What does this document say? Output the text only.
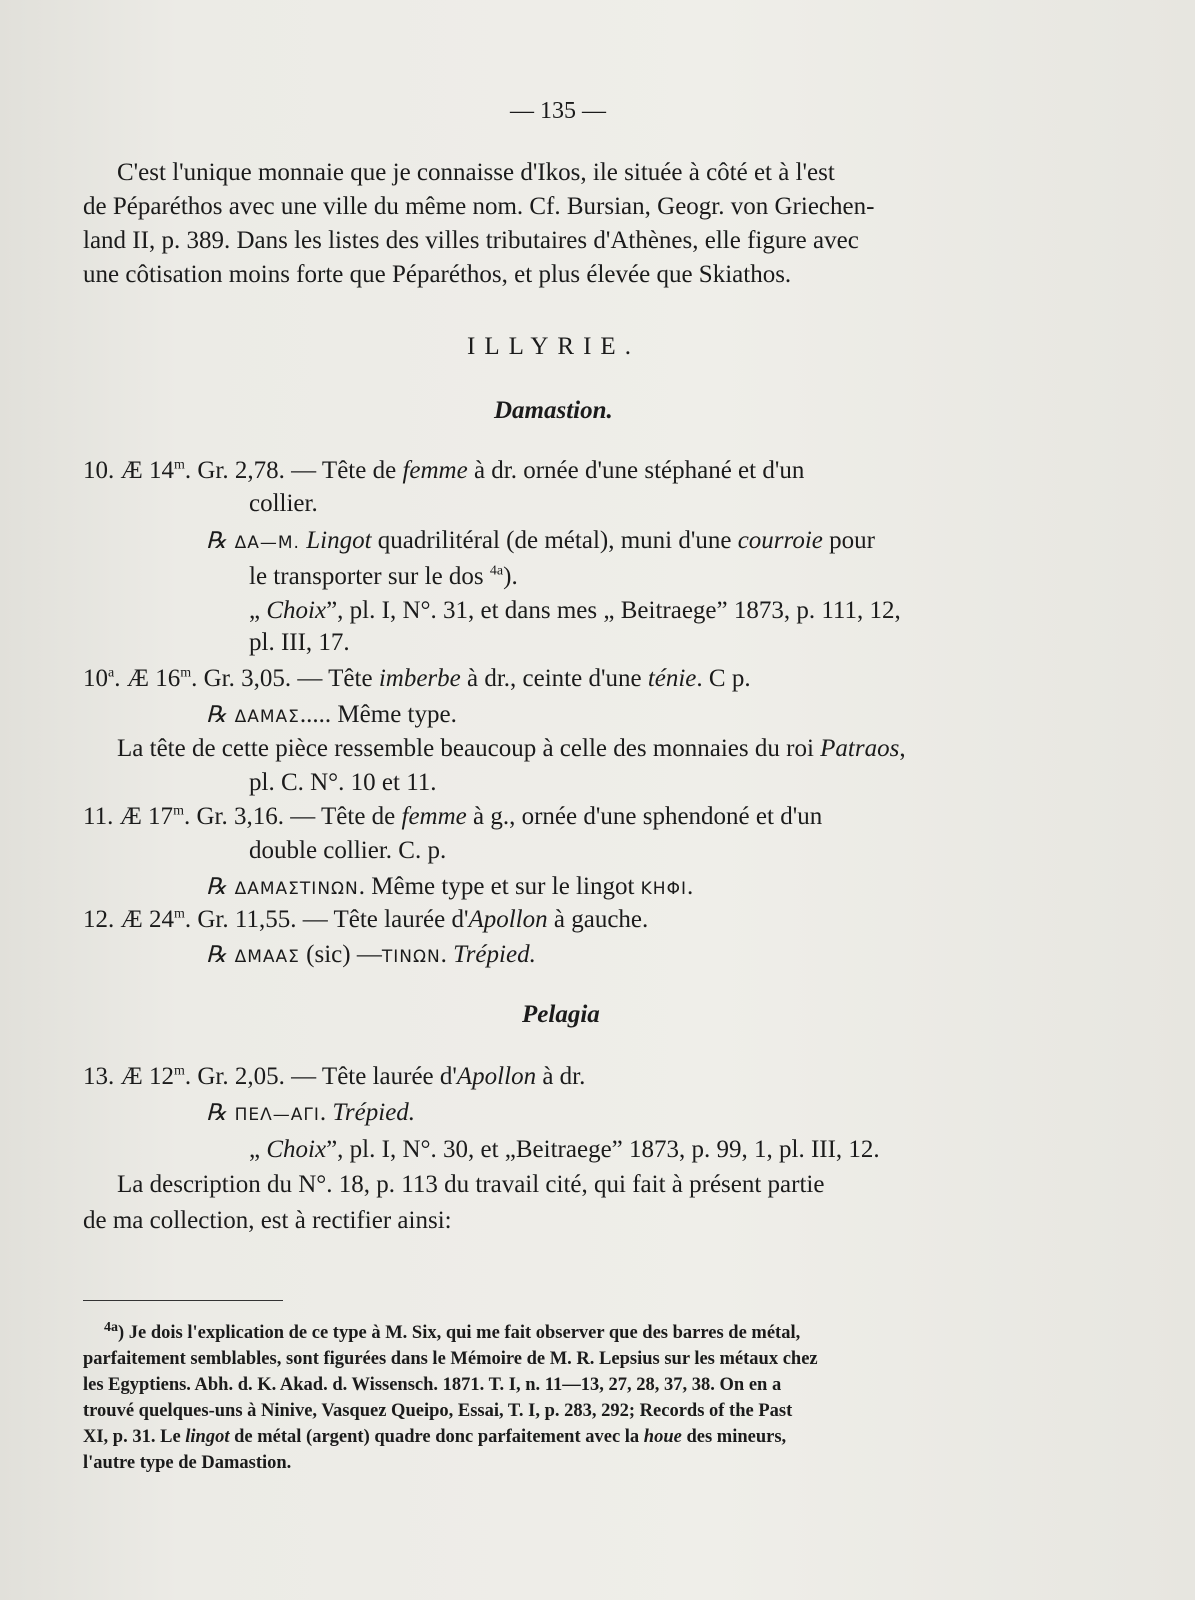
— 135 —
C'est l'unique monnaie que je connaisse d'Ikos, ile située à côté et à l'est
de Péparéthos avec une ville du même nom. Cf. Bursian, Geogr. von Griechen-
land II, p. 389. Dans les listes des villes tributaires d'Athènes, elle figure avec
une côtisation moins forte que Péparéthos, et plus élevée que Skiathos.
ILLYRIE.
Damastion.
10. Æ 14$^m$. Gr. 2,78. — Tête de femme à dr. ornée d'une stéphané et d'un
collier.
℞ ΔΑ—Μ. Lingot quadrilitéral (de métal), muni d'une courroie pour
le transporter sur le dos $^{4a}$).
„ Choix”, pl. I, N°. 31, et dans mes „ Beitraege” 1873, p. 111, 12,
pl. III, 17.
10$^a$. Æ 16$^m$. Gr. 3,05. — Tête imberbe à dr., ceinte d'une ténie. C p.
℞ ΔΑΜΑΣ..... Même type.
La tête de cette pièce ressemble beaucoup à celle des monnaies du roi Patraos,
pl. C. N°. 10 et 11.
11. Æ 17$^m$. Gr. 3,16. — Tête de femme à g., ornée d'une sphendoné et d'un
double collier. C. p.
℞ ΔΑΜΑΣΤΙΝΩΝ. Même type et sur le lingot ΚΗΦΙ.
12. Æ 24$^m$. Gr. 11,55. — Tête laurée d'Apollon à gauche.
℞ ΔΜΑΑΣ (sic) —ΤΙΝΩΝ. Trépied.
Pelagia
13. Æ 12$^m$. Gr. 2,05. — Tête laurée d'Apollon à dr.
℞ ΠΕΛ—ΑΓΙ. Trépied.
„ Choix”, pl. I, N°. 30, et „Beitraege” 1873, p. 99, 1, pl. III, 12.
La description du N°. 18, p. 113 du travail cité, qui fait à présent partie
de ma collection, est à rectifier ainsi:
$^{4a}$) Je dois l'explication de ce type à M. Six, qui me fait observer que des barres de métal,
parfaitement semblables, sont figurées dans le Mémoire de M. R. Lepsius sur les métaux chez
les Egyptiens. Abh. d. K. Akad. d. Wissensch. 1871. T. I, n. 11—13, 27, 28, 37, 38. On en a
trouvé quelques-uns à Ninive, Vasquez Queipo, Essai, T. I, p. 283, 292; Records of the Past
XI, p. 31. Le lingot de métal (argent) quadre donc parfaitement avec la houe des mineurs,
l'autre type de Damastion.
